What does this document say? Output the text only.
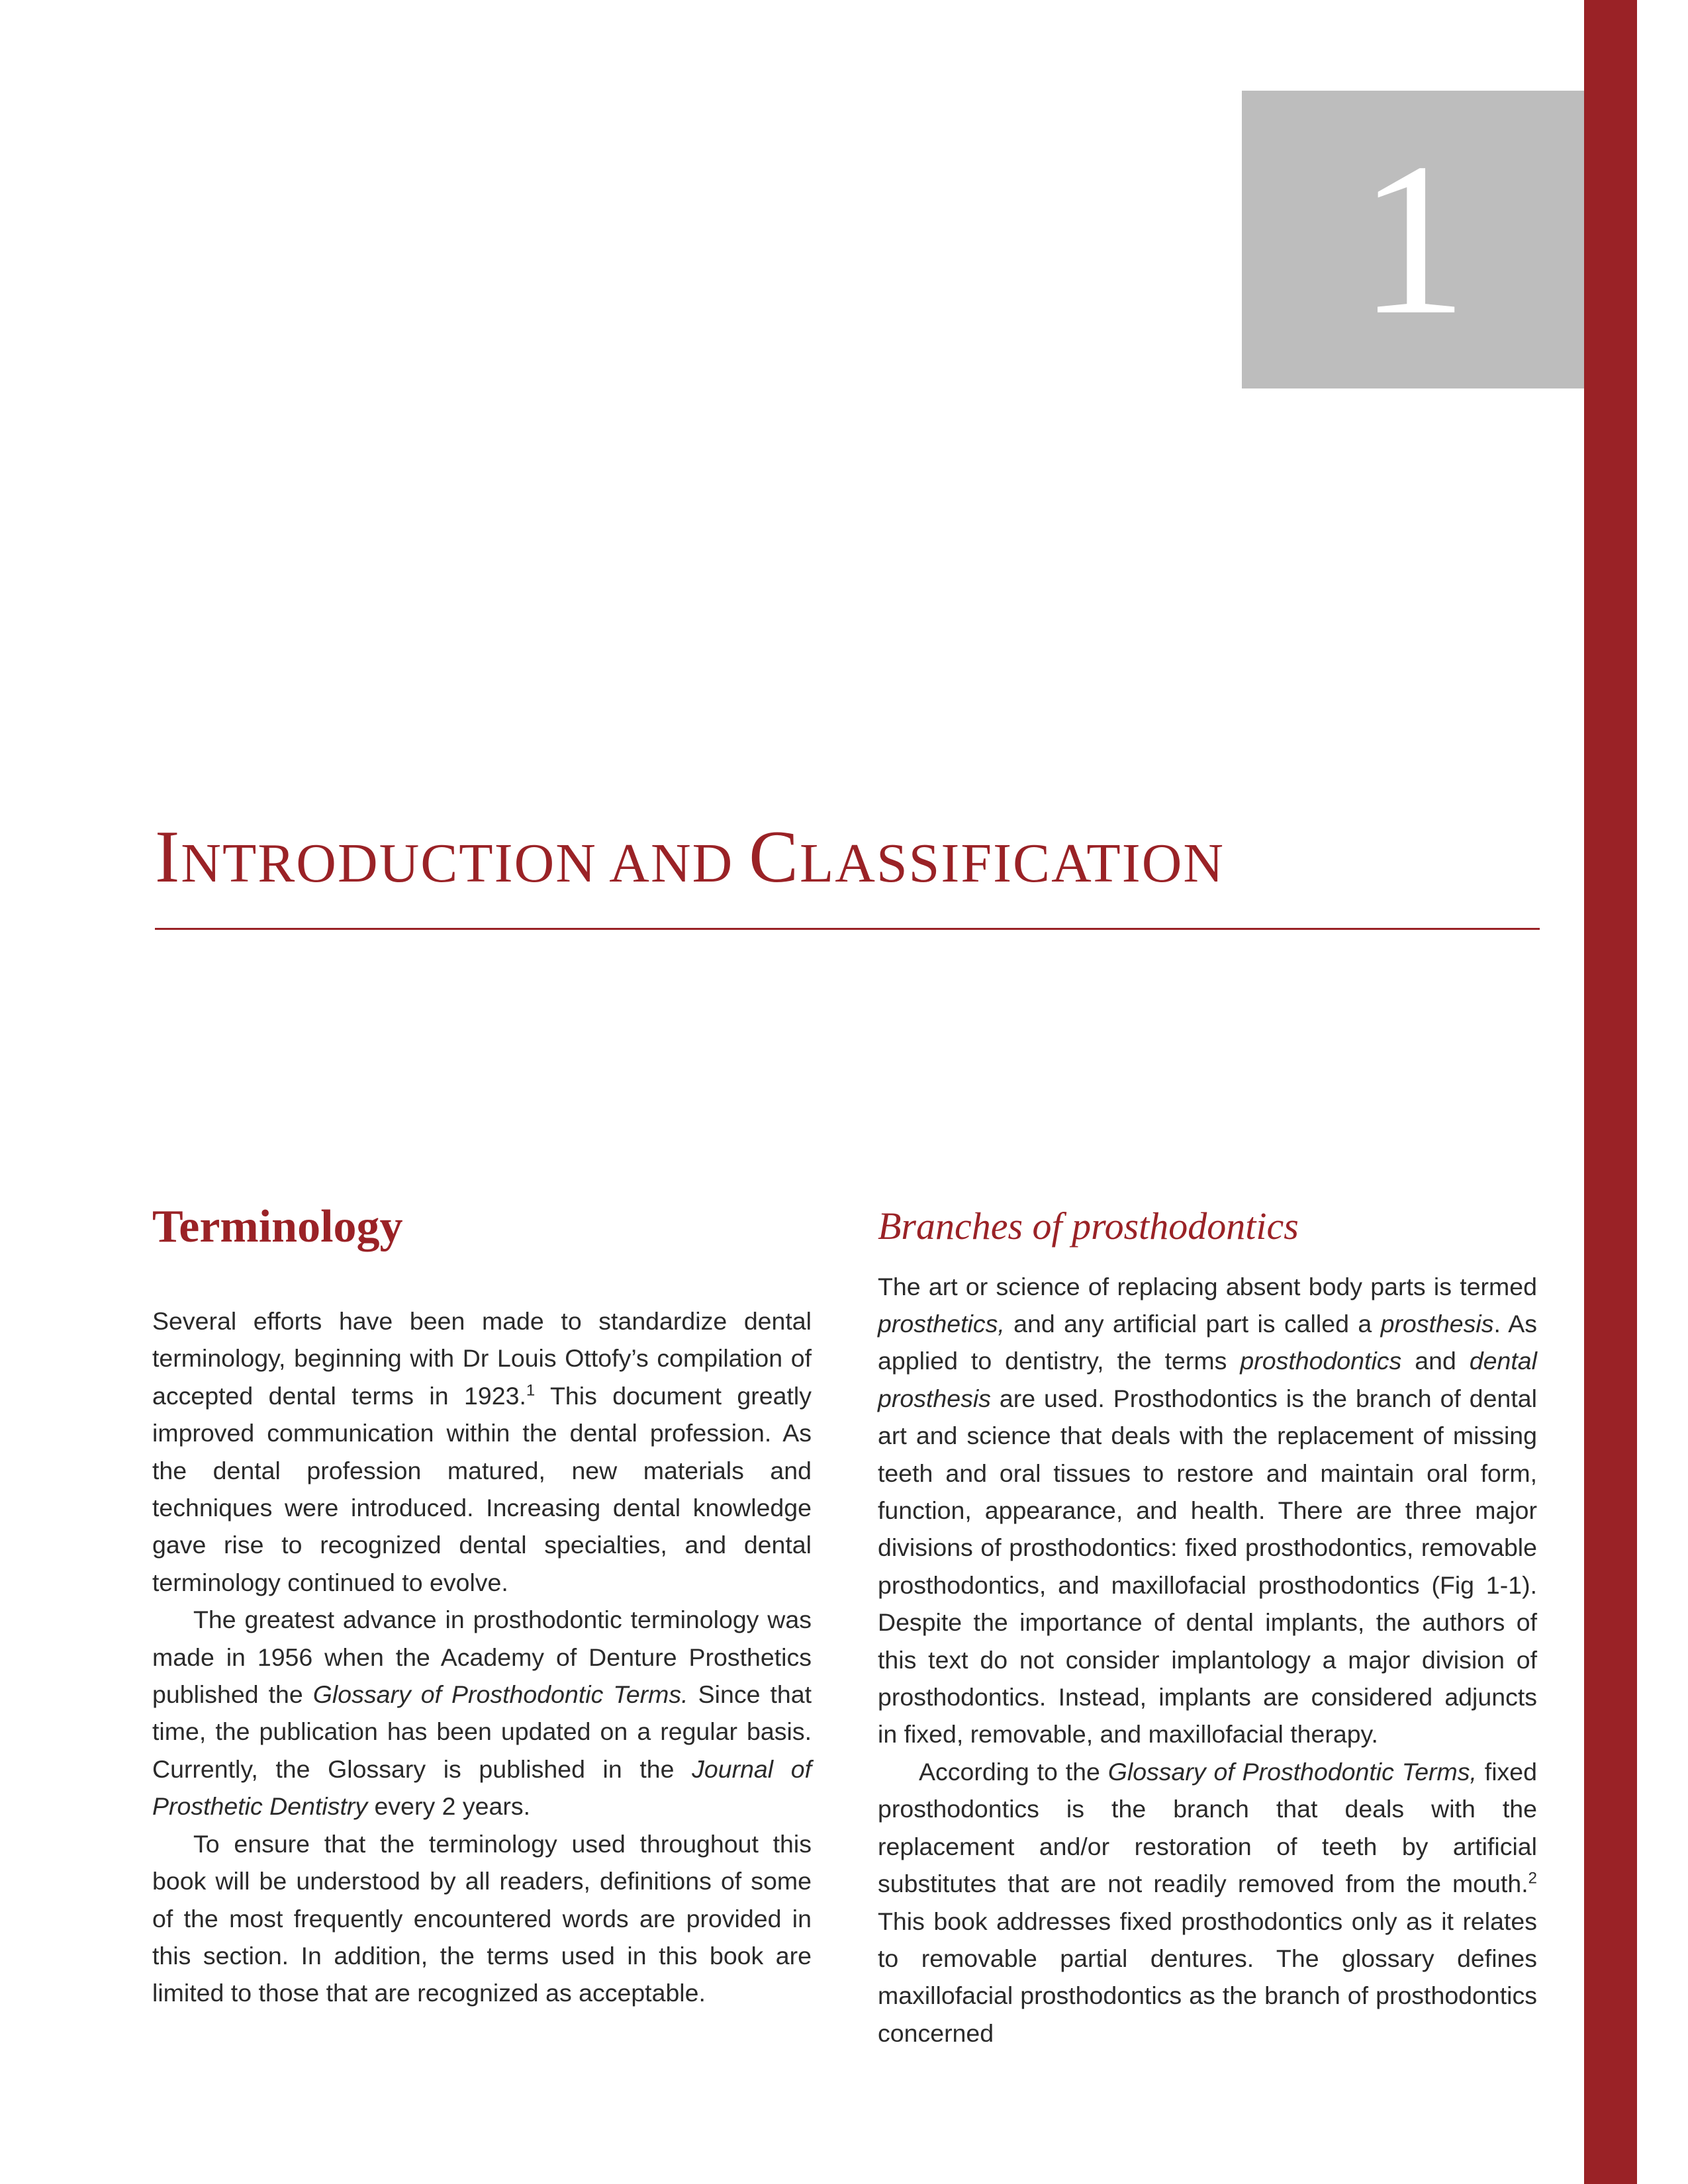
1
INTRODUCTION AND CLASSIFICATION
Terminology

Several efforts have been made to standardize dental terminology, beginning with Dr Louis Ottofy’s compilation of accepted dental terms in 1923.$^1$ This document greatly improved communication within the dental profession. As the dental profession matured, new materials and techniques were introduced. Increasing dental knowledge gave rise to recognized dental specialties, and dental terminology continued to evolve.

The greatest advance in prosthodontic terminology was made in 1956 when the Academy of Denture Prosthetics published the Glossary of Prosthodontic Terms. Since that time, the publication has been updated on a regular basis. Currently, the Glossary is published in the Journal of Prosthetic Dentistry every 2 years.

To ensure that the terminology used throughout this book will be understood by all readers, definitions of some of the most frequently encountered words are provided in this section. In addition, the terms used in this book are limited to those that are recognized as acceptable.

Branches of prosthodontics

The art or science of replacing absent body parts is termed prosthetics, and any artificial part is called a prosthesis. As applied to dentistry, the terms prosthodontics and dental prosthesis are used. Prosthodontics is the branch of dental art and science that deals with the replacement of missing teeth and oral tissues to restore and maintain oral form, function, appearance, and health. There are three major divisions of prosthodontics: fixed prosthodontics, removable prosthodontics, and maxillofacial prosthodontics (Fig 1-1). Despite the importance of dental implants, the authors of this text do not consider implantology a major division of prosthodontics. Instead, implants are considered adjuncts in fixed, removable, and maxillofacial therapy.

According to the Glossary of Prosthodontic Terms, fixed prosthodontics is the branch that deals with the replacement and/or restoration of teeth by artificial substitutes that are not readily removed from the mouth.$^2$ This book addresses fixed prosthodontics only as it relates to removable partial dentures. The glossary defines maxillofacial prosthodontics as the branch of prosthodontics concerned
